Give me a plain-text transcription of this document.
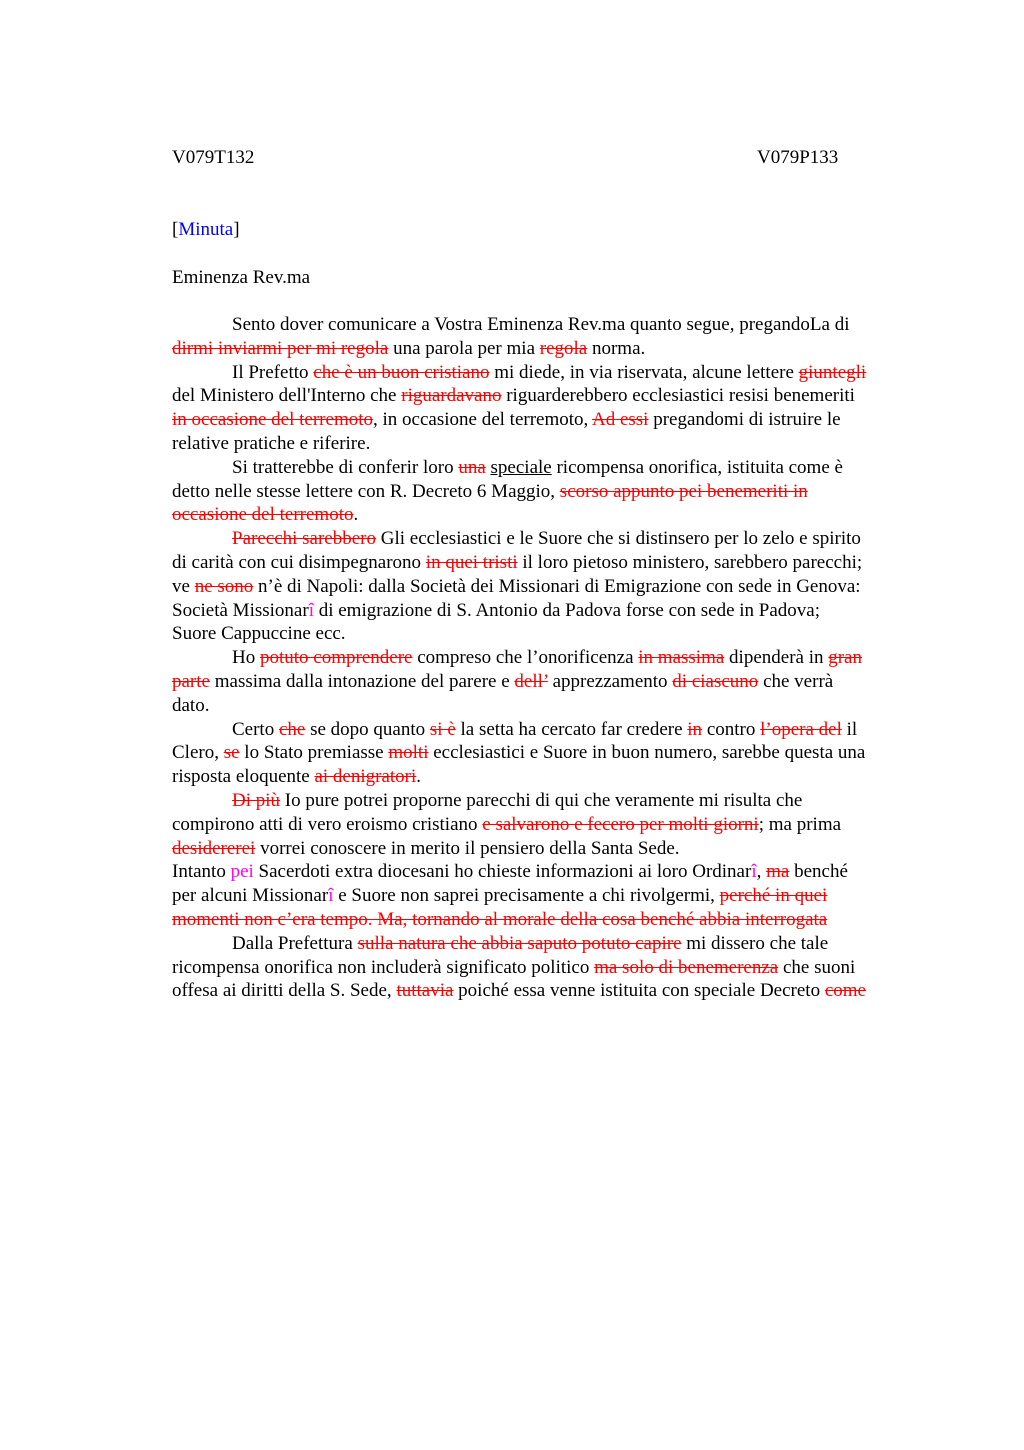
V079T132	V079P133
[Minuta]
Eminenza Rev.ma
Sento dover comunicare a Vostra Eminenza Rev.ma quanto segue, pregandoLa di
dirmi inviarmi per mi regola una parola per mia regola norma.
Il Prefetto che è un buon cristiano mi diede, in via riservata, alcune lettere giuntegli
del Ministero dell'Interno che riguardavano riguarderebbero ecclesiastici resisi benemeriti
in occasione del terremoto, in occasione del terremoto, Ad essi pregandomi di istruire le
relative pratiche e riferire.
Si tratterebbe di conferir loro una speciale ricompensa onorifica, istituita come è
detto nelle stesse lettere con R. Decreto 6 Maggio, scorso appunto pei benemeriti in
occasione del terremoto.
Parecchi sarebbero Gli ecclesiastici e le Suore che si distinsero per lo zelo e spirito
di carità con cui disimpegnarono in quei tristi il loro pietoso ministero, sarebbero parecchi;
ve ne sono n’è di Napoli: dalla Società dei Missionari di Emigrazione con sede in Genova:
Società Missionarî di emigrazione di S. Antonio da Padova forse con sede in Padova;
Suore Cappuccine ecc.
Ho potuto comprendere compreso che l’onorificenza in massima dipenderà in gran
parte massima dalla intonazione del parere e dell’ apprezzamento di ciascuno che verrà
dato.
Certo che se dopo quanto si è la setta ha cercato far credere in contro l’opera del il
Clero, se lo Stato premiasse molti ecclesiastici e Suore in buon numero, sarebbe questa una
risposta eloquente ai denigratori.
Di più Io pure potrei proporne parecchi di qui che veramente mi risulta che
compirono atti di vero eroismo cristiano e salvarono e fecero per molti giorni; ma prima
desidererei vorrei conoscere in merito il pensiero della Santa Sede.
Intanto pei Sacerdoti extra diocesani ho chieste informazioni ai loro Ordinarî, ma benché
per alcuni Missionarî e Suore non saprei precisamente a chi rivolgermi, perché in quei
momenti non c’era tempo. Ma, tornando al morale della cosa benché abbia interrogata
Dalla Prefettura sulla natura che abbia saputo potuto capire mi dissero che tale
ricompensa onorifica non includerà significato politico ma solo di benemerenza che suoni
offesa ai diritti della S. Sede, tuttavia poiché essa venne istituita con speciale Decreto come
